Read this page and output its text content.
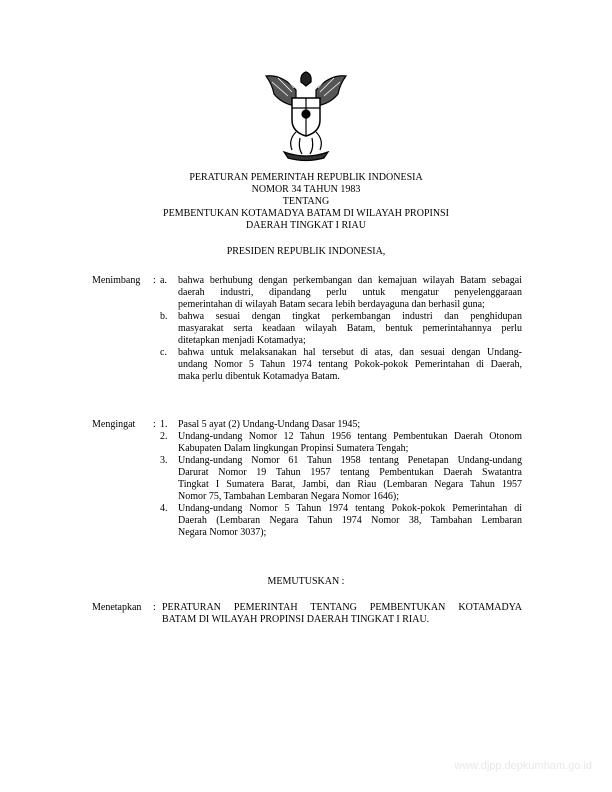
PERATURAN PEMERINTAH REPUBLIK INDONESIA
NOMOR 34 TAHUN 1983
TENTANG
PEMBENTUKAN KOTAMADYA BATAM DI WILAYAH PROPINSI
DAERAH TINGKAT I RIAU
PRESIDEN REPUBLIK INDONESIA,
Menimbang : a. bahwa berhubung dengan perkembangan dan kemajuan wilayah Batam sebagai
daerah industri, dipandang perlu untuk mengatur penyelenggaraan
pemerintahan di wilayah Batam secara lebih berdayaguna dan berhasil guna;
b. bahwa sesuai dengan tingkat perkembangan industri dan penghidupan
masyarakat serta keadaan wilayah Batam, bentuk pemerintahannya perlu
ditetapkan menjadi Kotamadya;
c. bahwa untuk melaksanakan hal tersebut di atas, dan sesuai dengan Undang-
undang Nomor 5 Tahun 1974 tentang Pokok-pokok Pemerintahan di Daerah,
maka perlu dibentuk Kotamadya Batam.
Mengingat : 1. Pasal 5 ayat (2) Undang-Undang Dasar 1945;
2. Undang-undang Nomor 12 Tahun 1956 tentang Pembentukan Daerah Otonom
Kabupaten Dalam lingkungan Propinsi Sumatera Tengah;
3. Undang-undang Nomor 61 Tahun 1958 tentang Penetapan Undang-undang
Darurat Nomor 19 Tahun 1957 tentang Pembentukan Daerah Swatantra
Tingkat I Sumatera Barat, Jambi, dan Riau (Lembaran Negara Tahun 1957
Nomor 75, Tambahan Lembaran Negara Nomor 1646);
4. Undang-undang Nomor 5 Tahun 1974 tentang Pokok-pokok Pemerintahan di
Daerah (Lembaran Negara Tahun 1974 Nomor 38, Tambahan Lembaran
Negara Nomor 3037);
MEMUTUSKAN :
Menetapkan : PERATURAN PEMERINTAH TENTANG PEMBENTUKAN KOTAMADYA
BATAM DI WILAYAH PROPINSI DAERAH TINGKAT I RIAU.
www.djpp.depkumham.go.id
